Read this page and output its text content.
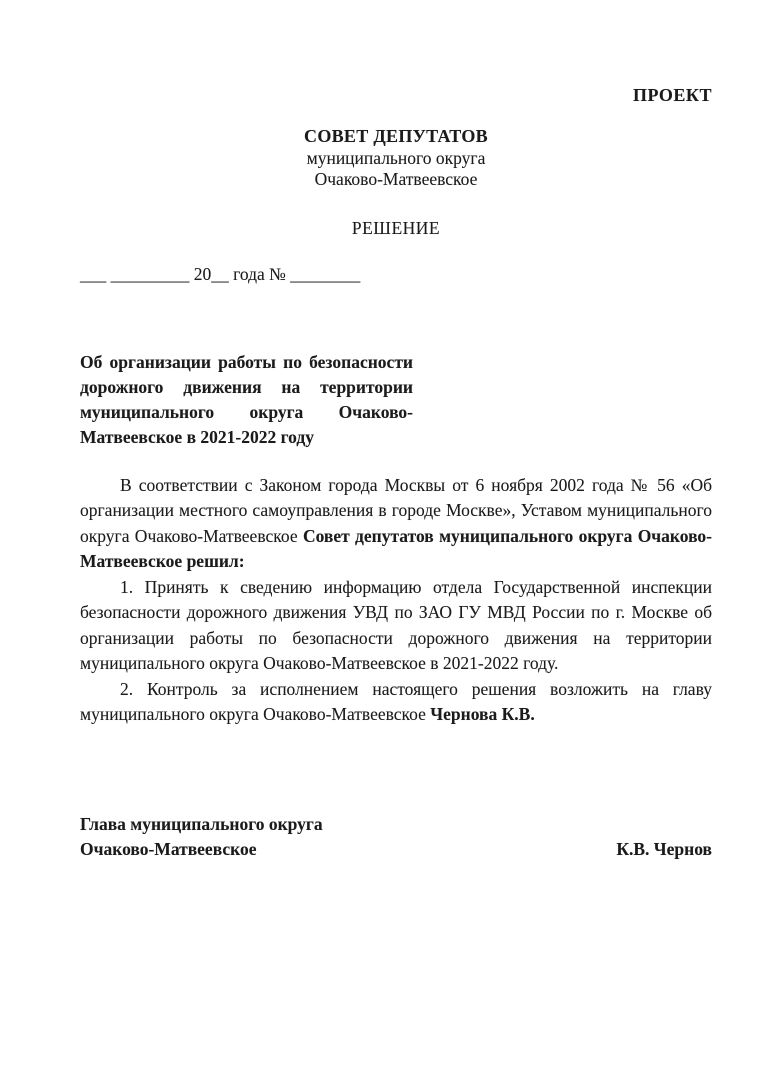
ПРОЕКТ
СОВЕТ ДЕПУТАТОВ
муниципального округа
Очаково-Матвеевское
РЕШЕНИЕ
___ _________ 20__ года № ________
Об организации работы по безопасности дорожного движения на территории муниципального округа Очаково-Матвеевское в 2021-2022 году

В соответствии с Законом города Москвы от 6 ноября 2002 года № 56 «Об организации местного самоуправления в городе Москве», Уставом муниципального округа Очаково-Матвеевское Совет депутатов муниципального округа Очаково-Матвеевское решил:

1. Принять к сведению информацию отдела Государственной инспекции безопасности дорожного движения УВД по ЗАО ГУ МВД России по г. Москве об организации работы по безопасности дорожного движения на территории муниципального округа Очаково-Матвеевское в 2021-2022 году.

2. Контроль за исполнением настоящего решения возложить на главу муниципального округа Очаково-Матвеевское Чернова К.В.

Глава муниципального округа
Очаково-Матвеевское	К.В. Чернов
